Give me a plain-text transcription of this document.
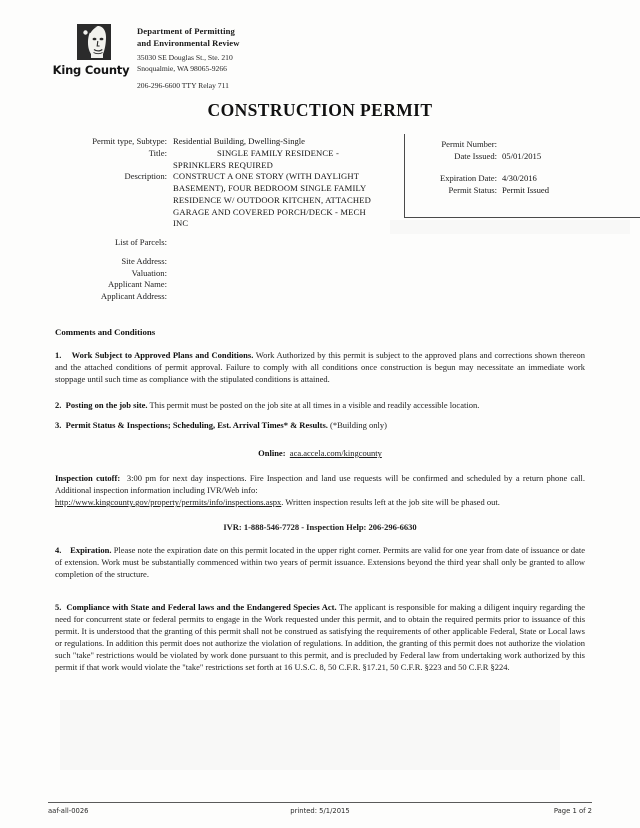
King County
Department of Permitting
and Environmental Review
35030 SE Douglas St., Ste. 210
Snoqualmie, WA 98065-9266
206-296-6600 TTY Relay 711
CONSTRUCTION PERMIT
Permit type, Subtype: Residential Building, Dwelling-Single
Title:	SINGLE FAMILY RESIDENCE -
SPRINKLERS REQUIRED
Description: CONSTRUCT A ONE STORY (WITH DAYLIGHT
BASEMENT), FOUR BEDROOM SINGLE FAMILY
RESIDENCE W/ OUTDOOR KITCHEN, ATTACHED
GARAGE AND COVERED PORCH/DECK - MECH
INC
List of Parcels:
Site Address:
Valuation:
Applicant Name:
Applicant Address:
Permit Number:
Date Issued: 05/01/2015
Expiration Date: 4/30/2016
Permit Status: Permit Issued
Comments and Conditions
1. Work Subject to Approved Plans and Conditions. Work Authorized by this permit is subject to the approved plans and corrections shown thereon and the attached conditions of permit approval. Failure to comply with all conditions once construction is begun may necessitate an immediate work stoppage until such time as compliance with the stipulated conditions is attained.
2. Posting on the job site. This permit must be posted on the job site at all times in a visible and readily accessible location.
3. Permit Status & Inspections; Scheduling, Est. Arrival Times* & Results. (*Building only)
Online: aca.accela.com/kingcounty
Inspection cutoff: 3:00 pm for next day inspections. Fire Inspection and land use requests will be confirmed and scheduled by a return phone call. Additional inspection information including IVR/Web info:
http://www.kingcounty.gov/property/permits/info/inspections.aspx. Written inspection results left at the job site will be phased out.
IVR: 1-888-546-7728 - Inspection Help: 206-296-6630
4. Expiration. Please note the expiration date on this permit located in the upper right corner. Permits are valid for one year from date of issuance or date of extension. Work must be substantially commenced within two years of permit issuance. Extensions beyond the third year shall only be granted to allow completion of the structure.
5. Compliance with State and Federal laws and the Endangered Species Act. The applicant is responsible for making a diligent inquiry regarding the need for concurrent state or federal permits to engage in the Work requested under this permit, and to obtain the required permits prior to issuance of this permit. It is understood that the granting of this permit shall not be construed as satisfying the requirements of other applicable Federal, State or Local laws or regulations. In addition this permit does not authorize the violation of regulations. In addition, the granting of this permit does not authorize the violation such "take" restrictions would be violated by work done pursuant to this permit, and is precluded by Federal law from undertaking work authorized by this permit if that work would violate the "take" restrictions set forth at 16 U.S.C. 8, 50 C.F.R. §17.21, 50 C.F.R. §223 and 50 C.F.R §224.
aaf-all-0026	printed: 5/1/2015	Page 1 of 2
